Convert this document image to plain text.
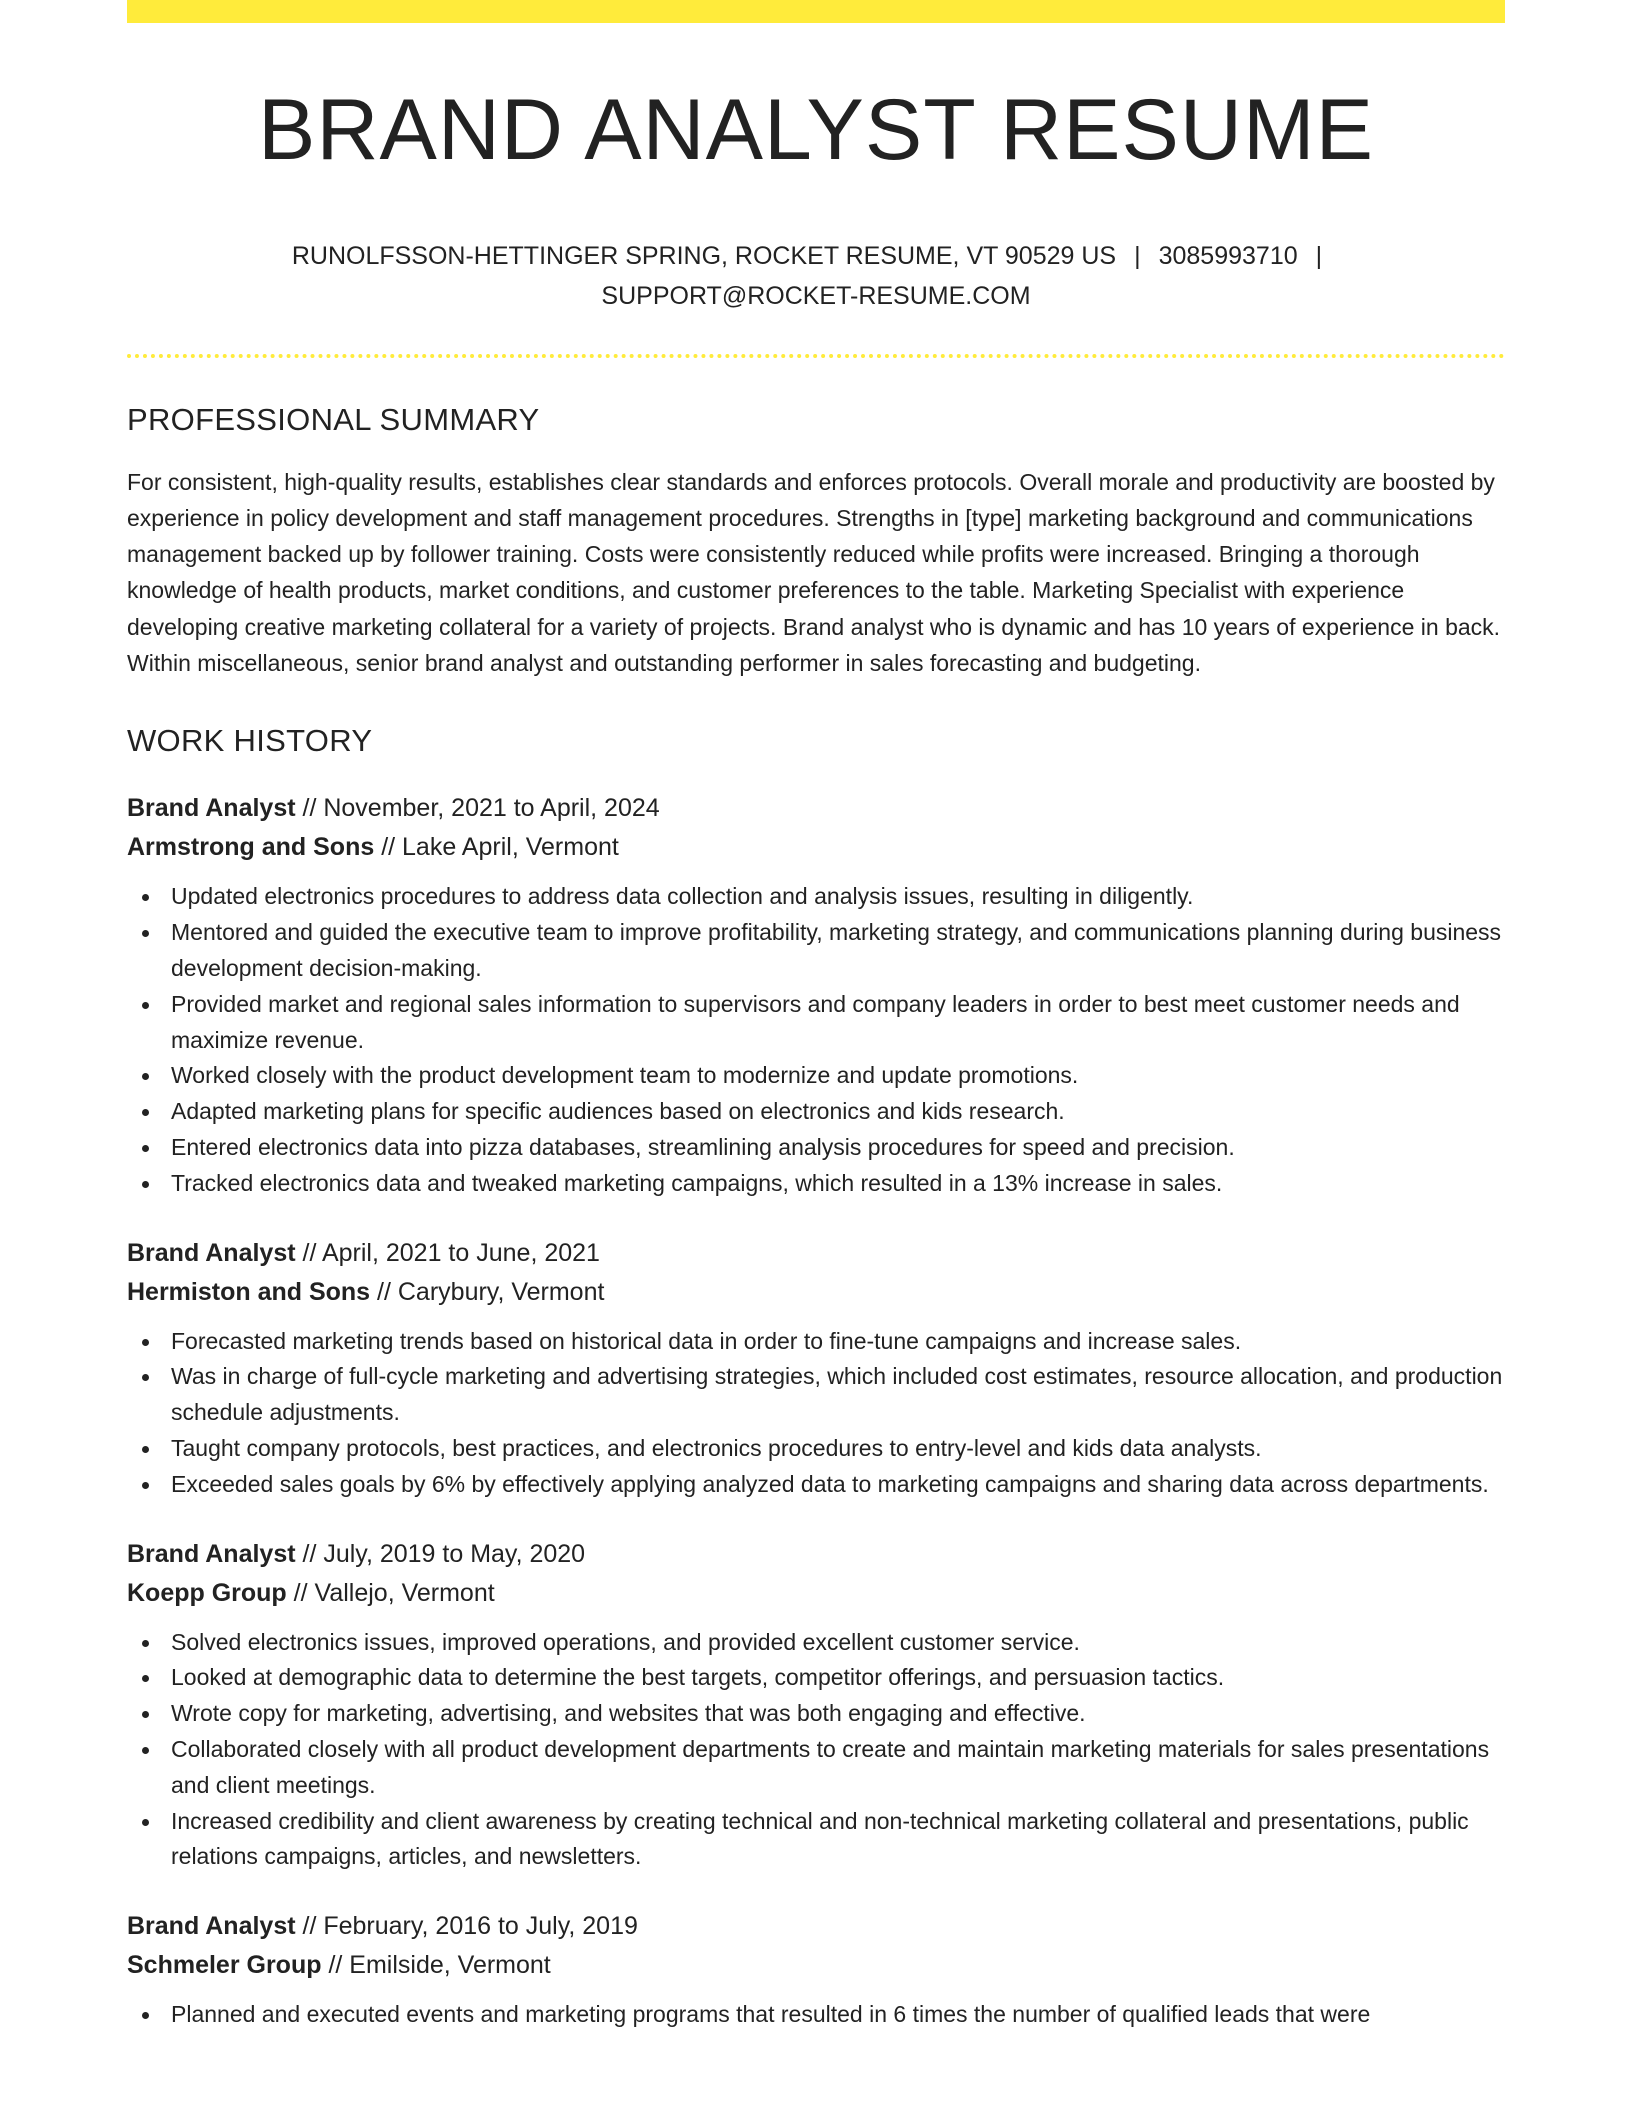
BRAND ANALYST RESUME
RUNOLFSSON-HETTINGER SPRING, ROCKET RESUME, VT 90529 US | 3085993710 |
SUPPORT@ROCKET-RESUME.COM
PROFESSIONAL SUMMARY
For consistent, high-quality results, establishes clear standards and enforces protocols. Overall morale and productivity are boosted by experience in policy development and staff management procedures. Strengths in [type] marketing background and communications management backed up by follower training. Costs were consistently reduced while profits were increased. Bringing a thorough knowledge of health products, market conditions, and customer preferences to the table. Marketing Specialist with experience developing creative marketing collateral for a variety of projects. Brand analyst who is dynamic and has 10 years of experience in back. Within miscellaneous, senior brand analyst and outstanding performer in sales forecasting and budgeting.
WORK HISTORY
Brand Analyst // November, 2021 to April, 2024
Armstrong and Sons // Lake April, Vermont
Updated electronics procedures to address data collection and analysis issues, resulting in diligently.
Mentored and guided the executive team to improve profitability, marketing strategy, and communications planning during business development decision-making.
Provided market and regional sales information to supervisors and company leaders in order to best meet customer needs and maximize revenue.
Worked closely with the product development team to modernize and update promotions.
Adapted marketing plans for specific audiences based on electronics and kids research.
Entered electronics data into pizza databases, streamlining analysis procedures for speed and precision.
Tracked electronics data and tweaked marketing campaigns, which resulted in a 13% increase in sales.
Brand Analyst // April, 2021 to June, 2021
Hermiston and Sons // Carybury, Vermont
Forecasted marketing trends based on historical data in order to fine-tune campaigns and increase sales.
Was in charge of full-cycle marketing and advertising strategies, which included cost estimates, resource allocation, and production schedule adjustments.
Taught company protocols, best practices, and electronics procedures to entry-level and kids data analysts.
Exceeded sales goals by 6% by effectively applying analyzed data to marketing campaigns and sharing data across departments.
Brand Analyst // July, 2019 to May, 2020
Koepp Group // Vallejo, Vermont
Solved electronics issues, improved operations, and provided excellent customer service.
Looked at demographic data to determine the best targets, competitor offerings, and persuasion tactics.
Wrote copy for marketing, advertising, and websites that was both engaging and effective.
Collaborated closely with all product development departments to create and maintain marketing materials for sales presentations and client meetings.
Increased credibility and client awareness by creating technical and non-technical marketing collateral and presentations, public relations campaigns, articles, and newsletters.
Brand Analyst // February, 2016 to July, 2019
Schmeler Group // Emilside, Vermont
Planned and executed events and marketing programs that resulted in 6 times the number of qualified leads that were
